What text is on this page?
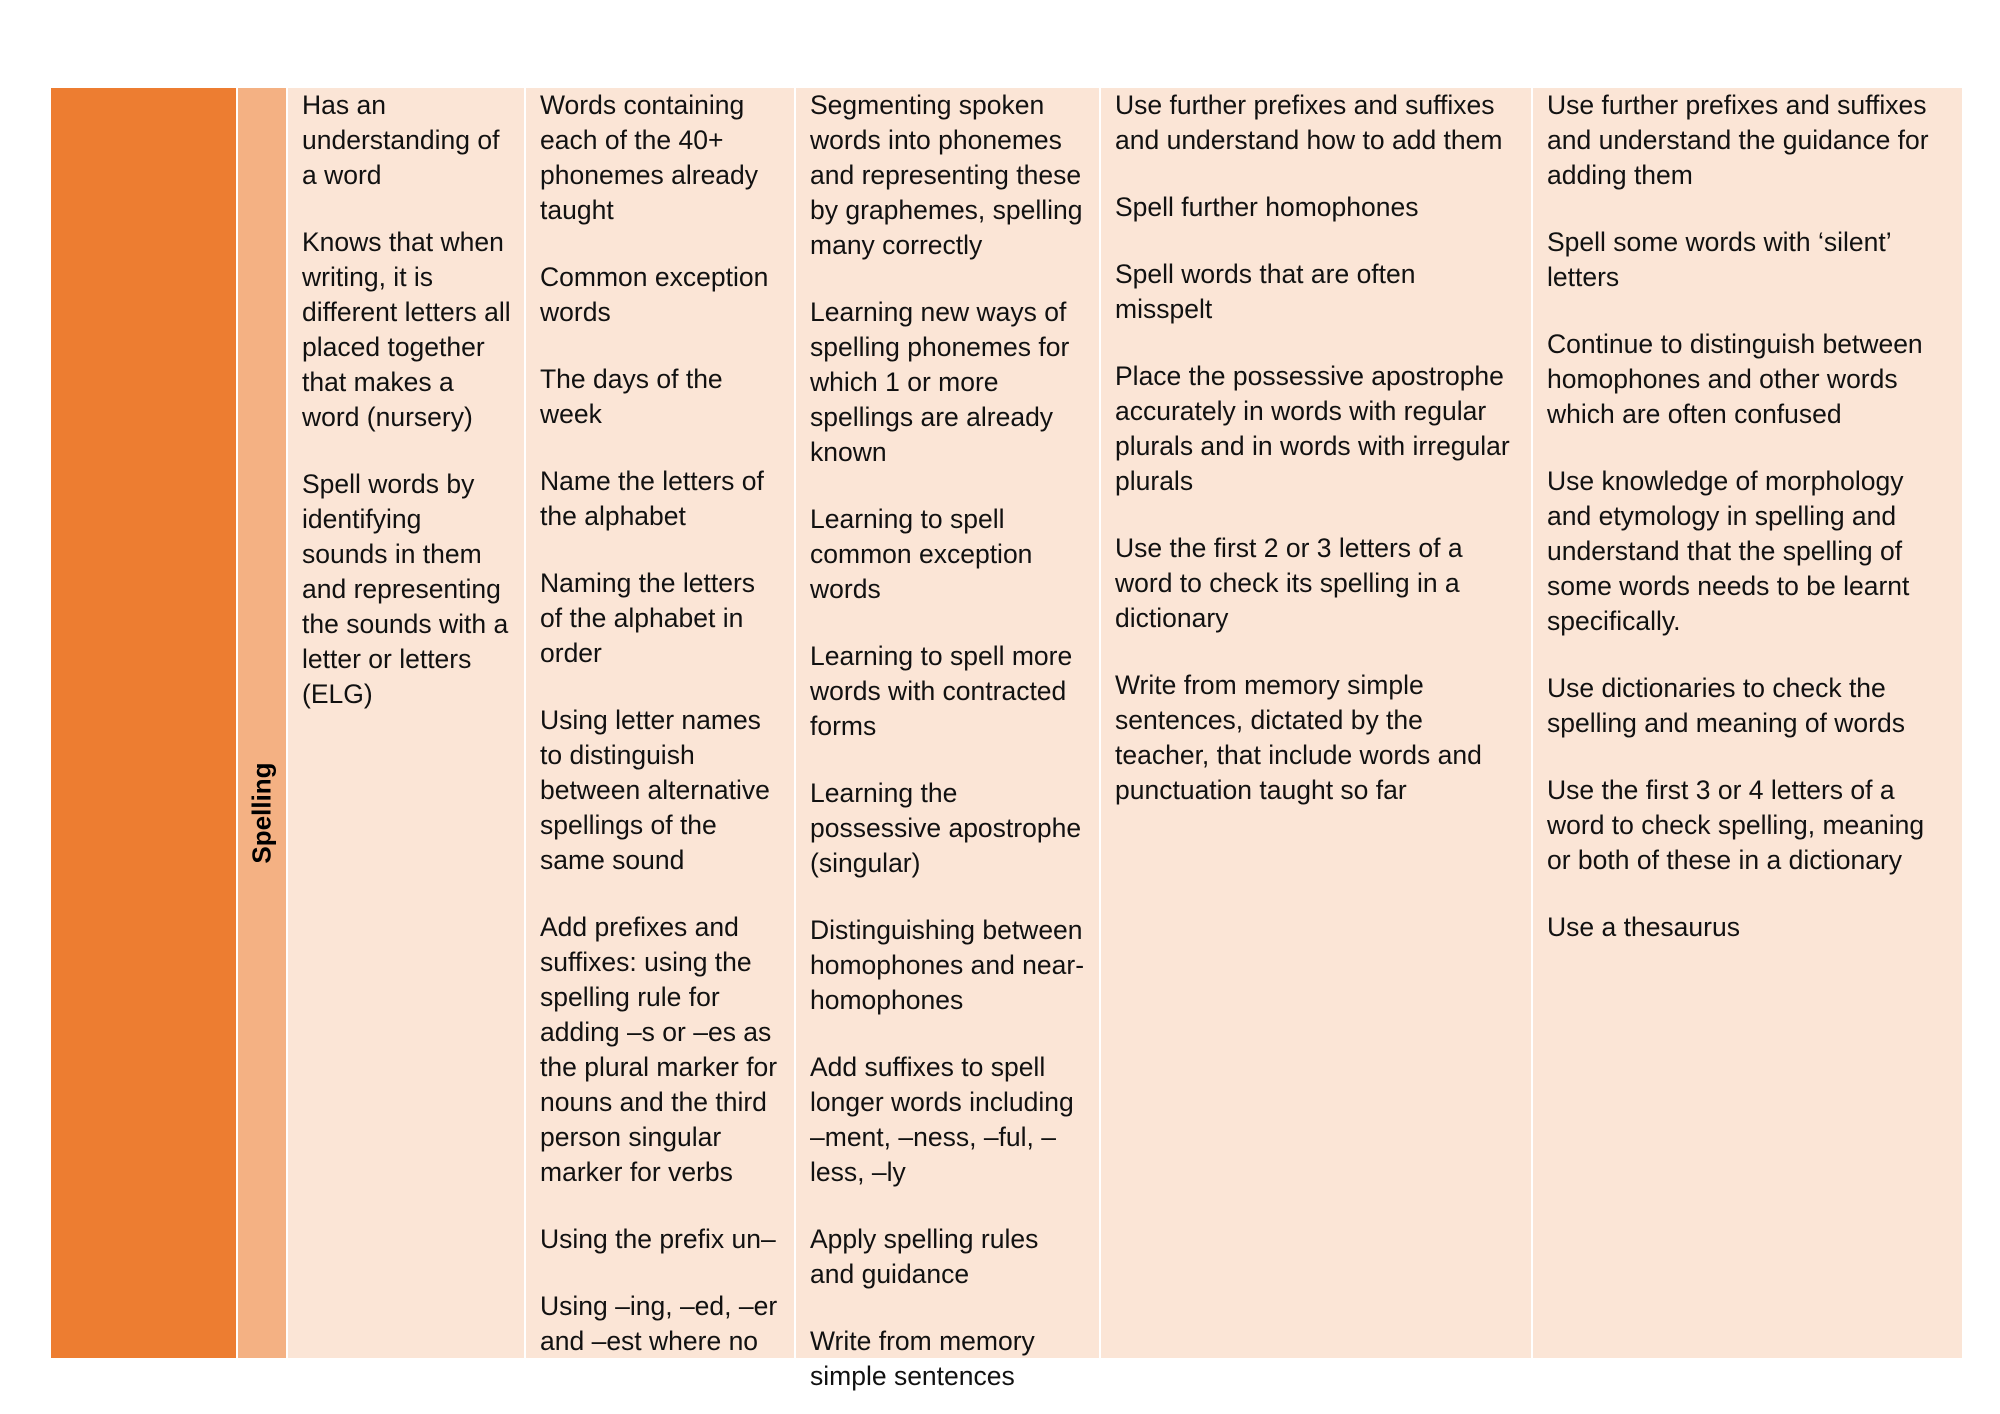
Spelling
Has an understanding of a word
Knows that when writing, it is different letters all placed together that makes a word (nursery)
Spell words by identifying sounds in them and representing the sounds with a letter or letters (ELG)
Words containing each of the 40+ phonemes already taught
Common exception words
The days of the week
Name the letters of the alphabet
Naming the letters of the alphabet in order
Using letter names to distinguish between alternative spellings of the same sound
Add prefixes and suffixes: using the spelling rule for adding –s or –es as the plural marker for nouns and the third person singular marker for verbs
Using the prefix un–
Using –ing, –ed, –er and –est where no
Segmenting spoken words into phonemes and representing these by graphemes, spelling many correctly
Learning new ways of spelling phonemes for which 1 or more spellings are already known
Learning to spell common exception words
Learning to spell more words with contracted forms
Learning the possessive apostrophe (singular)
Distinguishing between homophones and near-homophones
Add suffixes to spell longer words including –ment, –ness, –ful, –less, –ly
Apply spelling rules and guidance
Write from memory simple sentences
Use further prefixes and suffixes and understand how to add them
Spell further homophones
Spell words that are often misspelt
Place the possessive apostrophe accurately in words with regular plurals and in words with irregular plurals
Use the first 2 or 3 letters of a word to check its spelling in a dictionary
Write from memory simple sentences, dictated by the teacher, that include words and punctuation taught so far
Use further prefixes and suffixes and understand the guidance for adding them
Spell some words with ‘silent’ letters
Continue to distinguish between homophones and other words which are often confused
Use knowledge of morphology and etymology in spelling and understand that the spelling of some words needs to be learnt specifically.
Use dictionaries to check the spelling and meaning of words
Use the first 3 or 4 letters of a word to check spelling, meaning or both of these in a dictionary
Use a thesaurus
